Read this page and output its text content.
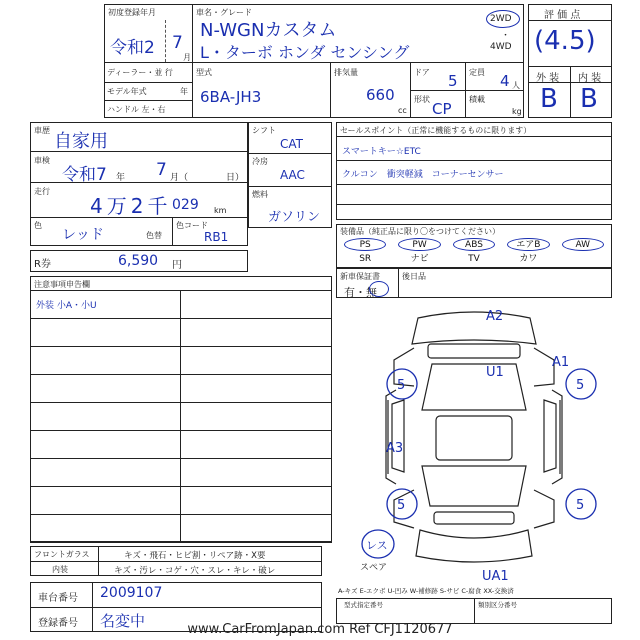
初度登録年月
令和2 7
月
車名・グレード
N-WGNカスタム
L・ターボ ホンダ センシング
2WD
・
4WD
ディーラー・並 行
モデル年式	年
ハンドル 左・右
型式
6BA-JH3
排気量
660
cc
ドア 5 定員 4 人
形状
CP
積載
kg
評 価 点
(4.5)
外 装 内 装
B B
車歴
自家用
車検
令和7 年 7 月（	日）
走行
4万2千 029 km
色
レッド	色替
色コード
RB1
R券	6,590 円
シフト
CAT
冷房
AAC
燃料
ガソリン
セールスポイント（正常に機能するものに限ります）
スマートキー☆ETC
クルコン　衝突軽減　コーナーセンサー
装備品（純正品に限り〇をつけてください）
PS	PW	ABS	エアB	AW
SR	ナビ	TV	カワ
新車保証書
有・無
後日品
注意事項申告欄
外装 小A・小U
A2
U1
A1
A3
UA1
5	5
5	5
レス
スペア
A-キズ E-エクボ U-凹み W-補修跡 S-サビ C-腐食 XX-交換済
フロントガラス	キズ・飛石・ヒビ割・リペア跡・X要
内装	キズ・汚レ・コゲ・穴・スレ・キレ・破レ
車台番号 2009107
登録番号 名変中
型式指定番号	類別区分番号
www.CarFromJapan.com Ref CFJ1120677
